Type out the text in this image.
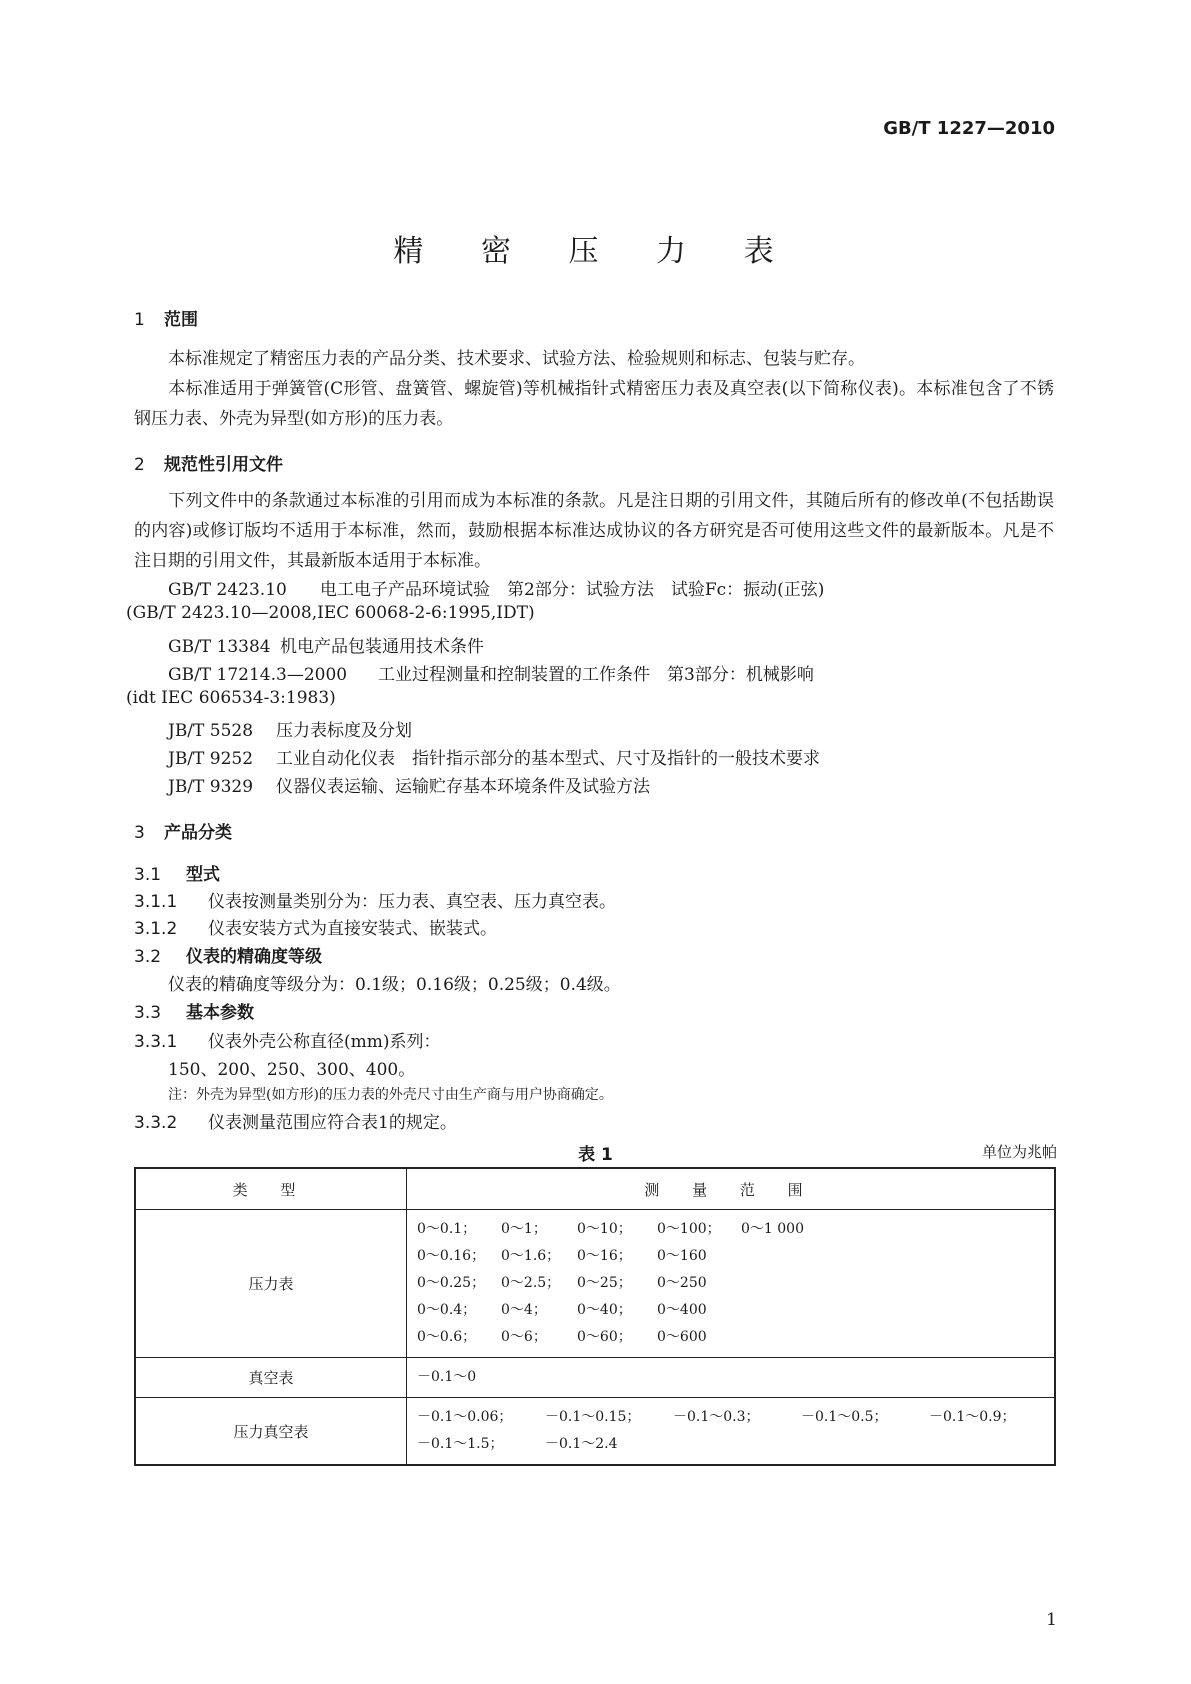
GB/T 1227—2010
精 密 压 力 表
1 范围
本标准规定了精密压力表的产品分类、技术要求、试验方法、检验规则和标志、包装与贮存。
本标准适用于弹簧管(C形管、盘簧管、螺旋管)等机械指针式精密压力表及真空表(以下简称仪表)。本标准包含了不锈钢压力表、外壳为异型(如方形)的压力表。
2 规范性引用文件
下列文件中的条款通过本标准的引用而成为本标准的条款。凡是注日期的引用文件，其随后所有的修改单(不包括勘误的内容)或修订版均不适用于本标准，然而，鼓励根据本标准达成协议的各方研究是否可使用这些文件的最新版本。凡是不注日期的引用文件，其最新版本适用于本标准。
GB/T 2423.10 电工电子产品环境试验　第2部分：试验方法　试验Fc：振动(正弦)
(GB/T 2423.10—2008,IEC 60068-2-6:1995,IDT)
GB/T 13384 机电产品包装通用技术条件
GB/T 17214.3—2000 工业过程测量和控制装置的工作条件　第3部分：机械影响
(idt IEC 606534-3:1983)
JB/T 5528 压力表标度及分划
JB/T 9252 工业自动化仪表　指针指示部分的基本型式、尺寸及指针的一般技术要求
JB/T 9329 仪器仪表运输、运输贮存基本环境条件及试验方法
3 产品分类
3.1 型式
3.1.1 仪表按测量类别分为：压力表、真空表、压力真空表。
3.1.2 仪表安装方式为直接安装式、嵌装式。
3.2 仪表的精确度等级
仪表的精确度等级分为：0.1级；0.16级；0.25级；0.4级。
3.3 基本参数
3.3.1 仪表外壳公称直径(mm)系列：
150、200、250、300、400。
注：外壳为异型(如方形)的压力表的外壳尺寸由生产商与用户协商确定。
3.3.2 仪表测量范围应符合表1的规定。
表 1	单位为兆帕
类 型	测 量 范 围
压力表	0～0.1； 0～1； 0～10； 0～100； 0～1 000
0～0.16； 0～1.6； 0～16； 0～160
0～0.25； 0～2.5； 0～25； 0～250
0～0.4； 0～4； 0～40； 0～400
0～0.6； 0～6； 0～60； 0～600

真空表	－0.1～0

压力真空表	－0.1～0.06； －0.1～0.15； －0.1～0.3； －0.1～0.5； －0.1～0.9；
－0.1～1.5； －0.1～2.4
1
